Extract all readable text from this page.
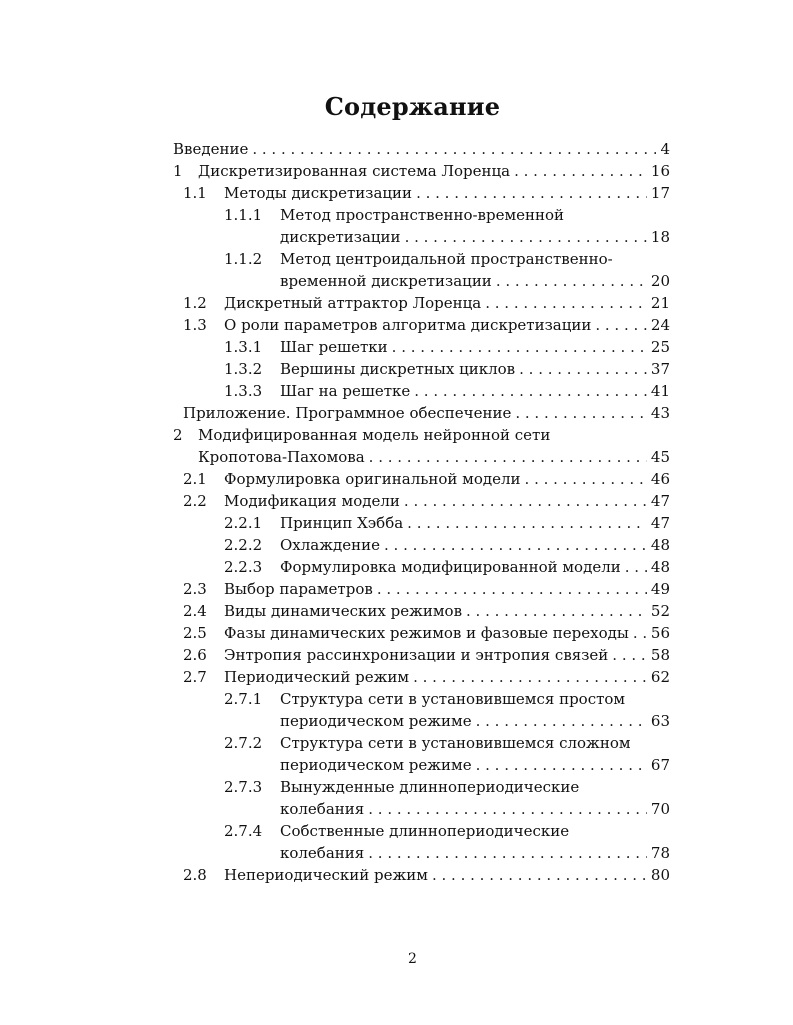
Содержание
Введение . . .	4
1 Дискретизированная система Лоренца . . .	16
1.1 Методы дискретизации . . .	17
1.1.1 Метод пространственно-временной
дискретизации . . .	18
1.1.2 Метод центроидальной пространственно-
временной дискретизации . . .	20
1.2 Дискретный аттрактор Лоренца . . .	21
1.3 О роли параметров алгоритма дискретизации . . .	24
1.3.1 Шаг решетки . . .	25
1.3.2 Вершины дискретных циклов . . .	37
1.3.3 Шаг на решетке . . .	41
Приложение. Программное обеспечение . . .	43
2 Модифицированная модель нейронной сети
Кропотова-Пахомова . . .	45
2.1 Формулировка оригинальной модели . . .	46
2.2 Модификация модели . . .	47
2.2.1 Принцип Хэбба . . .	47
2.2.2 Охлаждение . . .	48
2.2.3 Формулировка модифицированной модели . . . 48
2.3 Выбор параметров . . .	49
2.4 Виды динамических режимов . . .	52
2.5 Фазы динамических режимов и фазовые переходы . . . 56
2.6 Энтропия рассинхронизации и энтропия связей . . .	58
2.7 Периодический режим . . .	62
2.7.1 Структура сети в установившемся простом
периодическом режиме . . .	63
2.7.2 Структура сети в установившемся сложном
периодическом режиме . . .	67
2.7.3 Вынужденные длиннопериодические
колебания . . .	70
2.7.4 Собственные длиннопериодические
колебания . . .	78
2.8 Непериодический режим . . .	80
2
